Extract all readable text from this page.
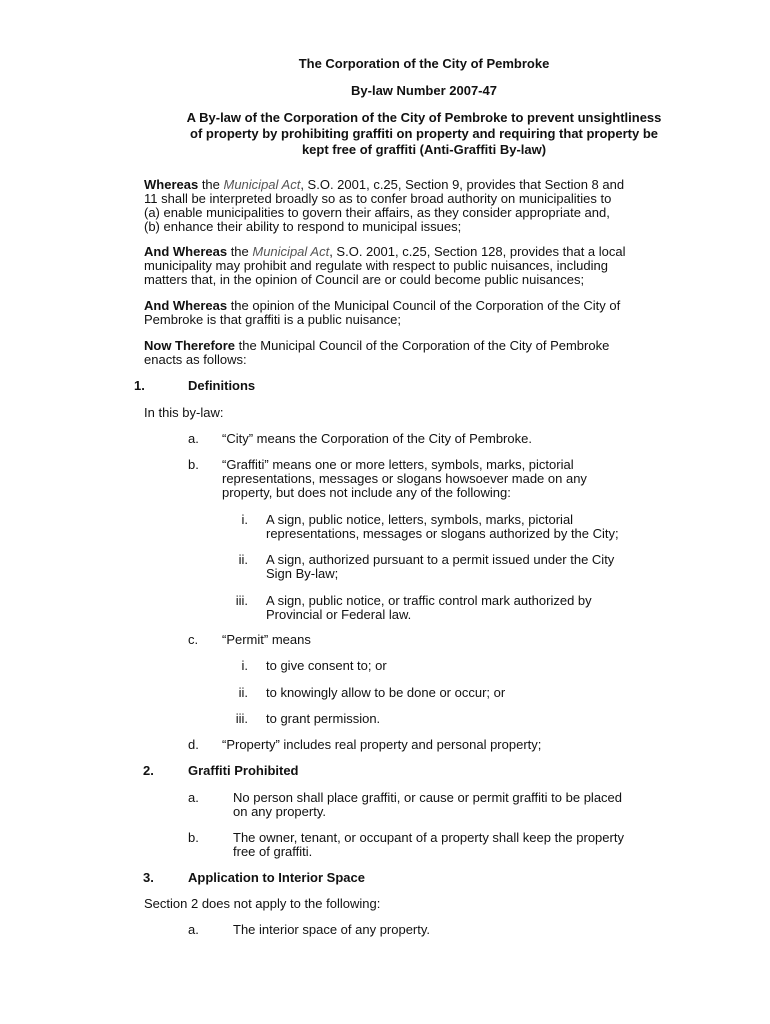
The Corporation of the City of Pembroke
By-law Number 2007-47
A By-law of the Corporation of the City of Pembroke to prevent unsightliness
of property by prohibiting graffiti on property and requiring that property be
kept free of graffiti (Anti-Graffiti By-law)
Whereas the Municipal Act, S.O. 2001, c.25, Section 9, provides that Section 8 and
11 shall be interpreted broadly so as to confer broad authority on municipalities to
(a) enable municipalities to govern their affairs, as they consider appropriate and,
(b) enhance their ability to respond to municipal issues;
And Whereas the Municipal Act, S.O. 2001, c.25, Section 128, provides that a local
municipality may prohibit and regulate with respect to public nuisances, including
matters that, in the opinion of Council are or could become public nuisances;
And Whereas the opinion of the Municipal Council of the Corporation of the City of
Pembroke is that graffiti is a public nuisance;
Now Therefore the Municipal Council of the Corporation of the City of Pembroke
enacts as follows:
1.	Definitions
In this by-law:
a. “City” means the Corporation of the City of Pembroke.
b. “Graffiti” means one or more letters, symbols, marks, pictorial
representations, messages or slogans howsoever made on any
property, but does not include any of the following:
i. A sign, public notice, letters, symbols, marks, pictorial
representations, messages or slogans authorized by the City;
ii. A sign, authorized pursuant to a permit issued under the City
Sign By-law;
iii. A sign, public notice, or traffic control mark authorized by
Provincial or Federal law.
c. “Permit” means
i. to give consent to; or
ii. to knowingly allow to be done or occur; or
iii. to grant permission.
d. “Property” includes real property and personal property;
2.	Graffiti Prohibited
a.	No person shall place graffiti, or cause or permit graffiti to be placed
on any property.
b.	The owner, tenant, or occupant of a property shall keep the property
free of graffiti.
3.	Application to Interior Space
Section 2 does not apply to the following:
a.	The interior space of any property.
